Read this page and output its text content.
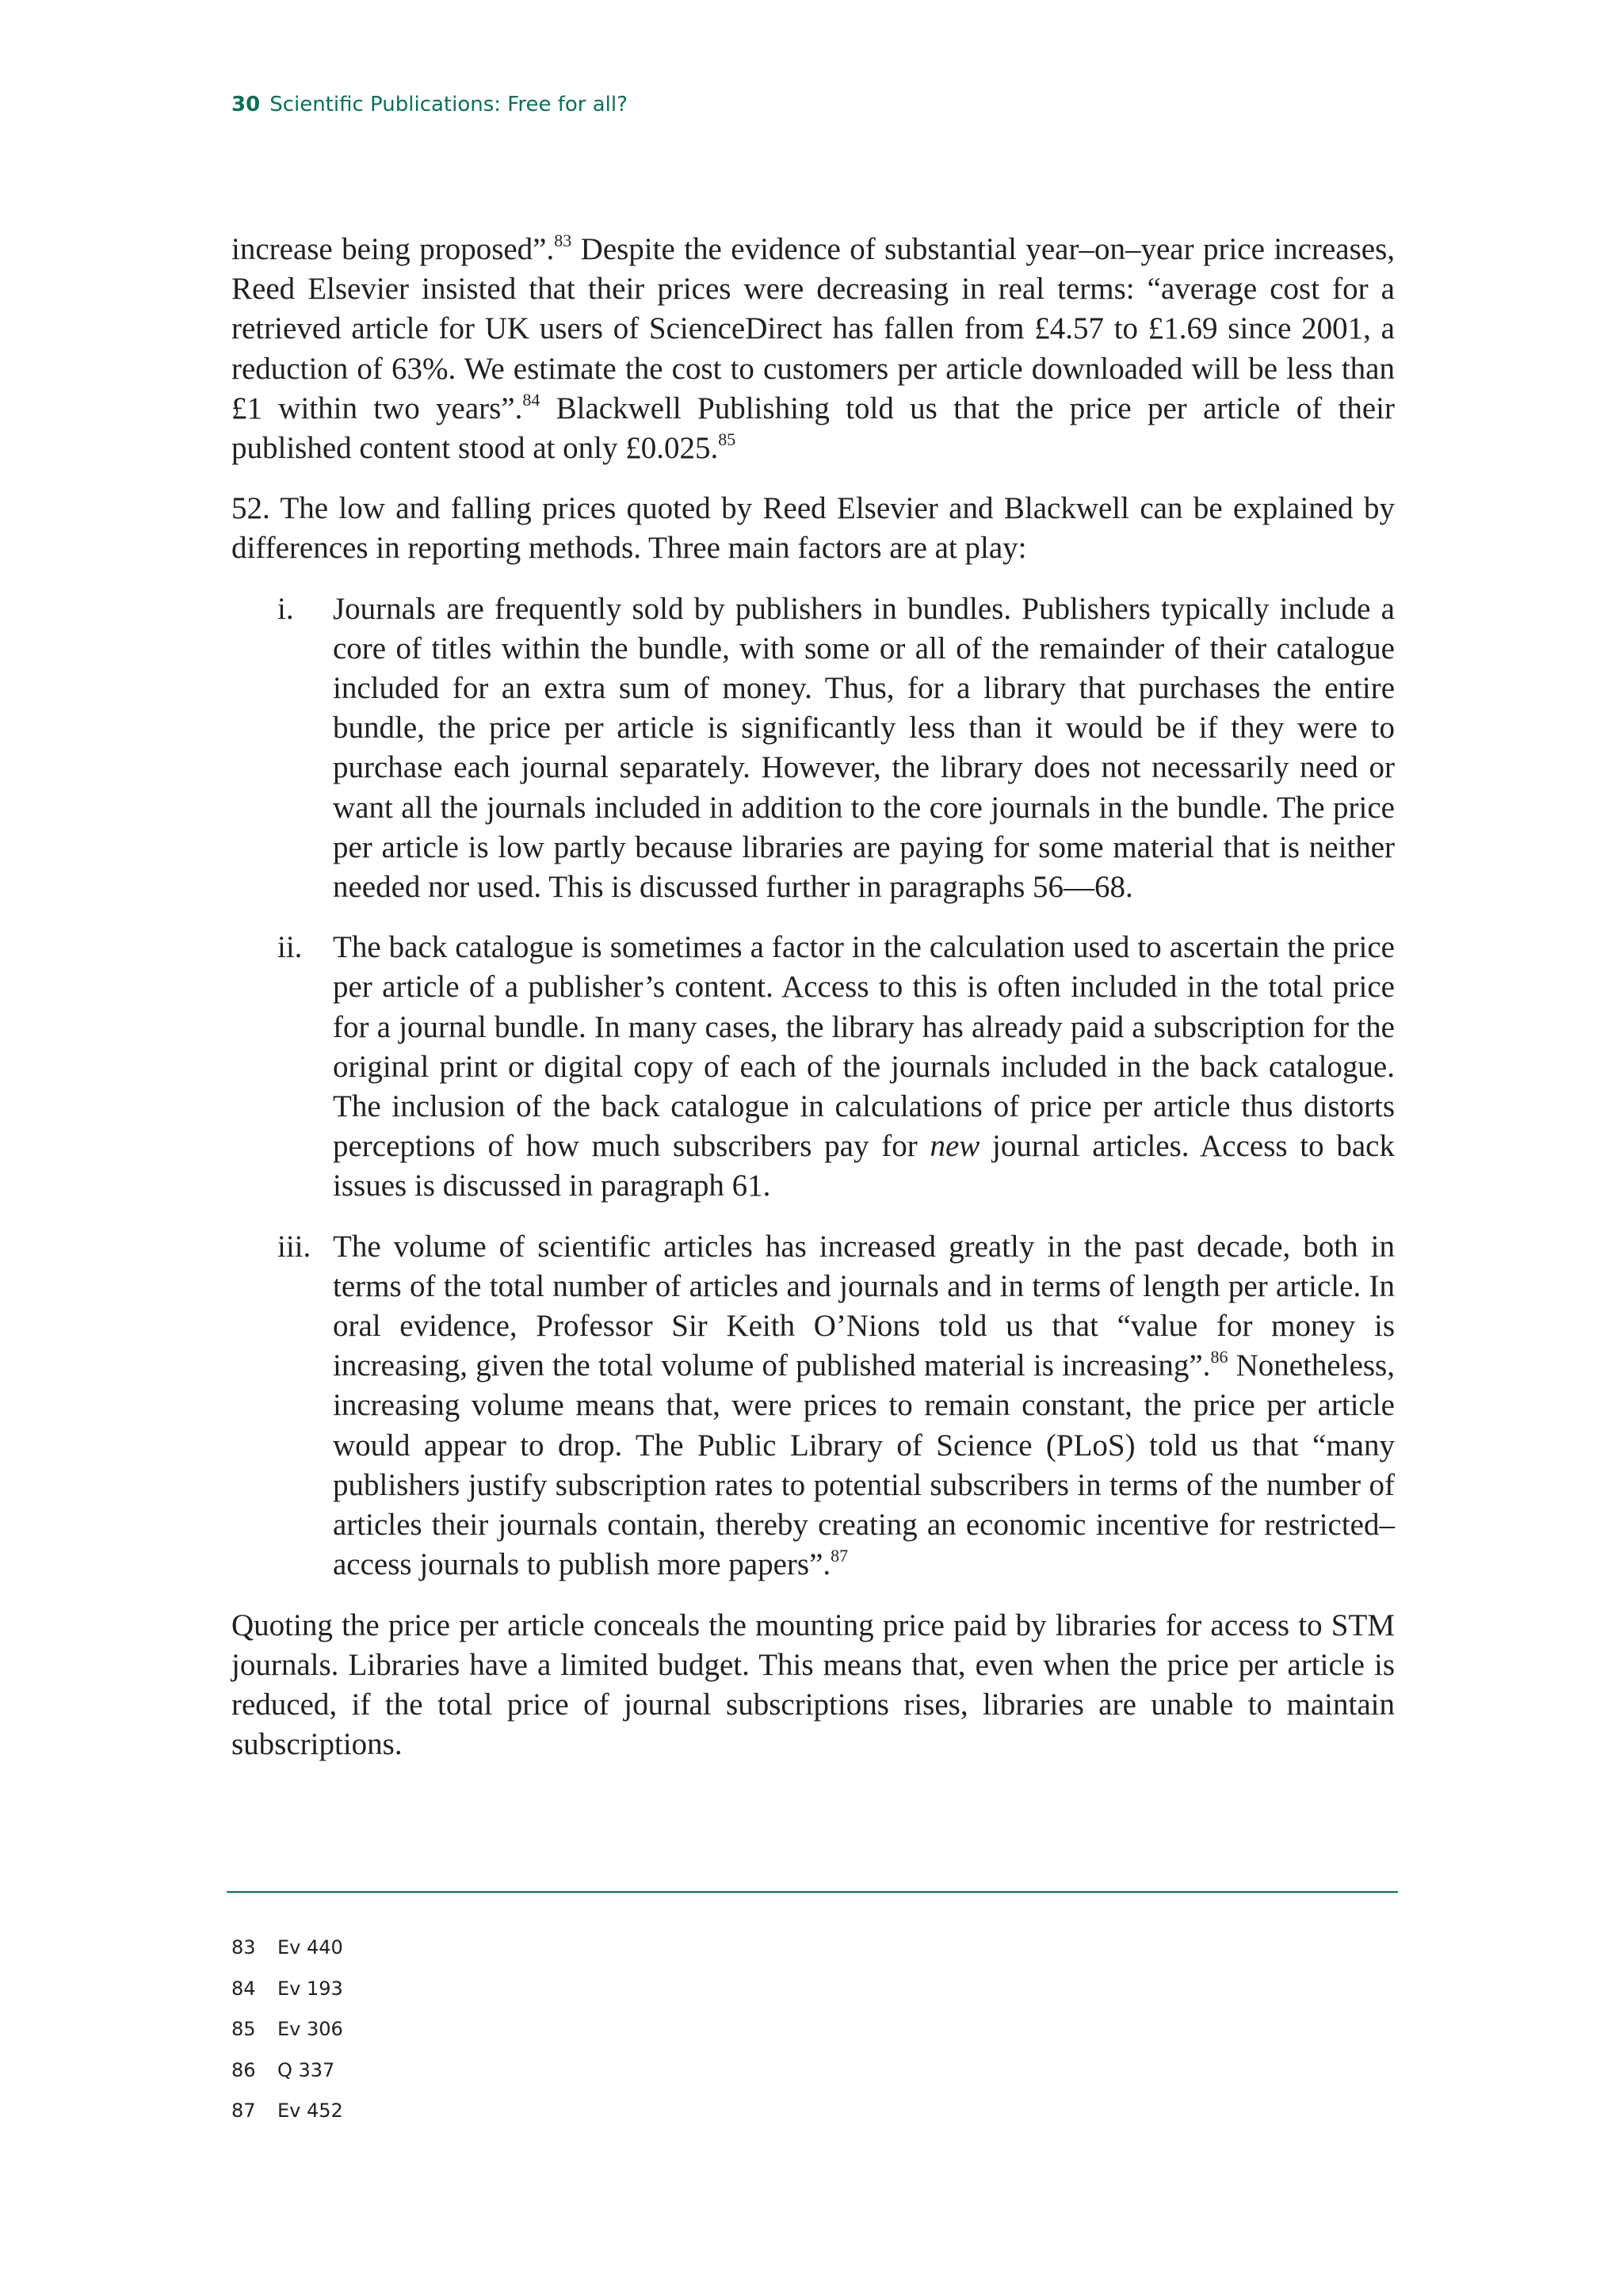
30 Scientific Publications: Free for all?

increase being proposed”.$^{83}$ Despite the evidence of substantial year–on–year price increases, Reed Elsevier insisted that their prices were decreasing in real terms: “average cost for a retrieved article for UK users of ScienceDirect has fallen from £4.57 to £1.69 since 2001, a reduction of 63%. We estimate the cost to customers per article downloaded will be less than £1 within two years”.$^{84}$ Blackwell Publishing told us that the price per article of their published content stood at only £0.025.85

52. The low and falling prices quoted by Reed Elsevier and Blackwell can be explained by differences in reporting methods. Three main factors are at play:

i. Journals are frequently sold by publishers in bundles. Publishers typically include a core of titles within the bundle, with some or all of the remainder of their catalogue included for an extra sum of money. Thus, for a library that purchases the entire bundle, the price per article is significantly less than it would be if they were to purchase each journal separately. However, the library does not necessarily need or want all the journals included in addition to the core journals in the bundle. The price per article is low partly because libraries are paying for some material that is neither needed nor used. This is discussed further in paragraphs 56—68.
ii. The back catalogue is sometimes a factor in the calculation used to ascertain the price per article of a publisher’s content. Access to this is often included in the total price for a journal bundle. In many cases, the library has already paid a subscription for the original print or digital copy of each of the journals included in the back catalogue. The inclusion of the back catalogue in calculations of price per article thus distorts perceptions of how much subscribers pay for new journal articles. Access to back issues is discussed in paragraph 61.
iii. The volume of scientific articles has increased greatly in the past decade, both in terms of the total number of articles and journals and in terms of length per article. In oral evidence, Professor Sir Keith O’Nions told us that “value for money is increasing, given the total volume of published material is increasing”.$^{86}$ Nonetheless, increasing volume means that, were prices to remain constant, the price per article would appear to drop. The Public Library of Science (PLoS) told us that “many publishers justify subscription rates to potential subscribers in terms of the number of articles their journals contain, thereby creating an economic incentive for restricted–access journals to publish more papers”.$^{87}$

Quoting the price per article conceals the mounting price paid by libraries for access to STM journals. Libraries have a limited budget. This means that, even when the price per article is reduced, if the total price of journal subscriptions rises, libraries are unable to maintain subscriptions.

83 Ev 440
84 Ev 193
85 Ev 306
86 Q 337
87 Ev 452
